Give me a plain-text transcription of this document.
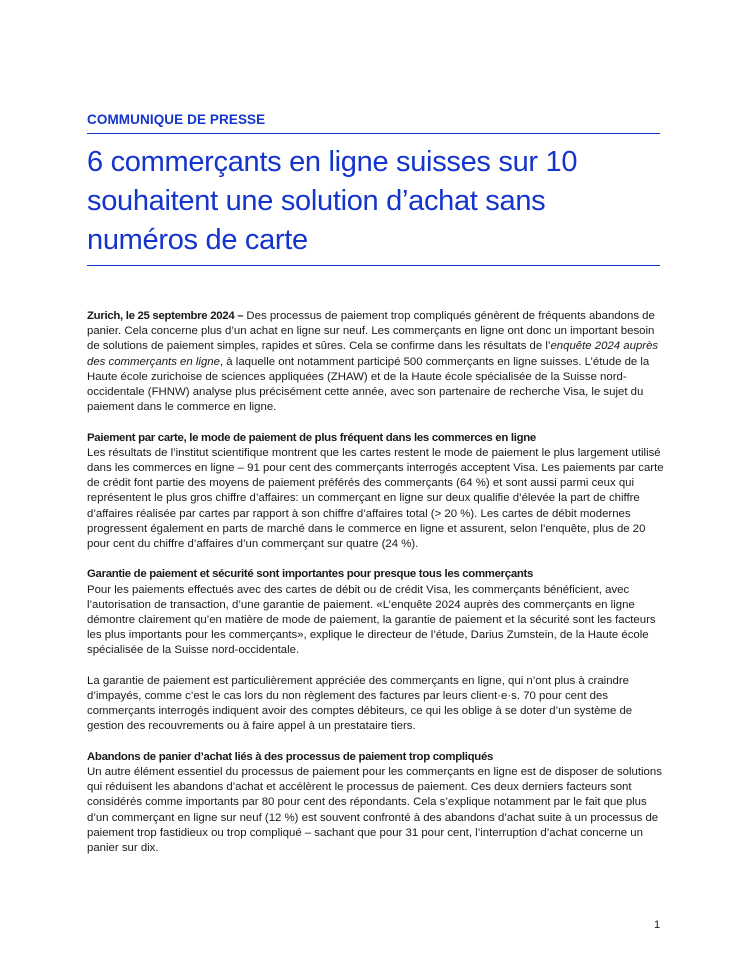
COMMUNIQUE DE PRESSE
6 commerçants en ligne suisses sur 10 souhaitent une solution d’achat sans numéros de carte

Zurich, le 25 septembre 2024 – Des processus de paiement trop compliqués génèrent de fréquents abandons de panier. Cela concerne plus d’un achat en ligne sur neuf. Les commerçants en ligne ont donc un important besoin de solutions de paiement simples, rapides et sûres. Cela se confirme dans les résultats de l’enquête 2024 auprès des commerçants en ligne, à laquelle ont notamment participé 500 commerçants en ligne suisses. L’étude de la Haute école zurichoise de sciences appliquées (ZHAW) et de la Haute école spécialisée de la Suisse nord-occidentale (FHNW) analyse plus précisément cette année, avec son partenaire de recherche Visa, le sujet du paiement dans le commerce en ligne.

Paiement par carte, le mode de paiement de plus fréquent dans les commerces en ligne

Les résultats de l’institut scientifique montrent que les cartes restent le mode de paiement le plus largement utilisé dans les commerces en ligne – 91 pour cent des commerçants interrogés acceptent Visa. Les paiements par carte de crédit font partie des moyens de paiement préférés des commerçants (64 %) et sont aussi parmi ceux qui représentent le plus gros chiffre d’affaires: un commerçant en ligne sur deux qualifie d’élevée la part de chiffre d’affaires réalisée par cartes par rapport à son chiffre d’affaires total (> 20 %). Les cartes de débit modernes progressent également en parts de marché dans le commerce en ligne et assurent, selon l’enquête, plus de 20 pour cent du chiffre d’affaires d’un commerçant sur quatre (24 %).

Garantie de paiement et sécurité sont importantes pour presque tous les commerçants

Pour les paiements effectués avec des cartes de débit ou de crédit Visa, les commerçants bénéficient, avec l’autorisation de transaction, d’une garantie de paiement. «L’enquête 2024 auprès des commerçants en ligne démontre clairement qu’en matière de mode de paiement, la garantie de paiement et la sécurité sont les facteurs les plus importants pour les commerçants», explique le directeur de l’étude, Darius Zumstein, de la Haute école spécialisée de la Suisse nord-occidentale.

La garantie de paiement est particulièrement appréciée des commerçants en ligne, qui n’ont plus à craindre d’impayés, comme c’est le cas lors du non règlement des factures par leurs client·e·s. 70 pour cent des commerçants interrogés indiquent avoir des comptes débiteurs, ce qui les oblige à se doter d’un système de gestion des recouvrements ou à faire appel à un prestataire tiers.

Abandons de panier d’achat liés à des processus de paiement trop compliqués

Un autre élément essentiel du processus de paiement pour les commerçants en ligne est de disposer de solutions qui réduisent les abandons d’achat et accélèrent le processus de paiement. Ces deux derniers facteurs sont considérés comme importants par 80 pour cent des répondants. Cela s’explique notamment par le fait que plus d’un commerçant en ligne sur neuf (12 %) est souvent confronté à des abandons d’achat suite à un processus de paiement trop fastidieux ou trop compliqué – sachant que pour 31 pour cent, l’interruption d’achat concerne un panier sur dix.

1
